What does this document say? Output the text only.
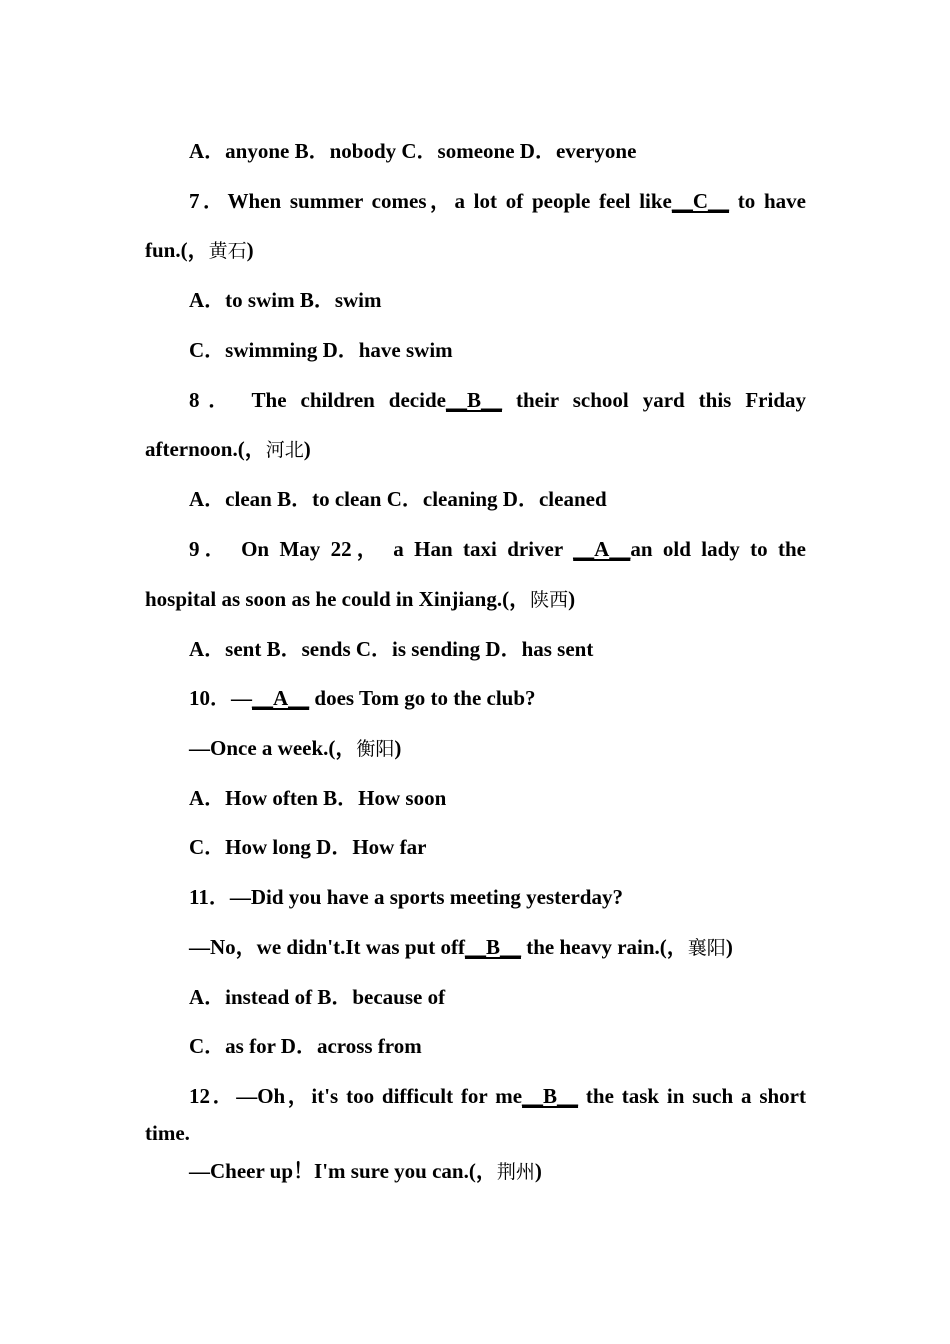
A．anyone B．nobody C．someone D．everyone
7．When summer comes，a lot of people feel like__C__ to have
fun.(，黄石)
A．to swim B．swim
C．swimming D．have swim
8． The children decide__B__ their school yard this Friday
afternoon.(，河北)
A．clean B．to clean C．cleaning D．cleaned
9． On May 22， a Han taxi driver __A__an old lady to the
hospital as soon as he could in Xinjiang.(，陕西)
A．sent B．sends C．is sending D．has sent
10．—__A__ does Tom go to the club?
—Once a week.(，衡阳)
A．How often B．How soon
C．How long D．How far
11．—Did you have a sports meeting yesterday?
—No，we didn't.It was put off__B__ the heavy rain.(，襄阳)
A．instead of B．because of
C．as for D．across from
12．—Oh，it's too difficult for me__B__ the task in such a short
time.
—Cheer up！I'm sure you can.(，荆州)
